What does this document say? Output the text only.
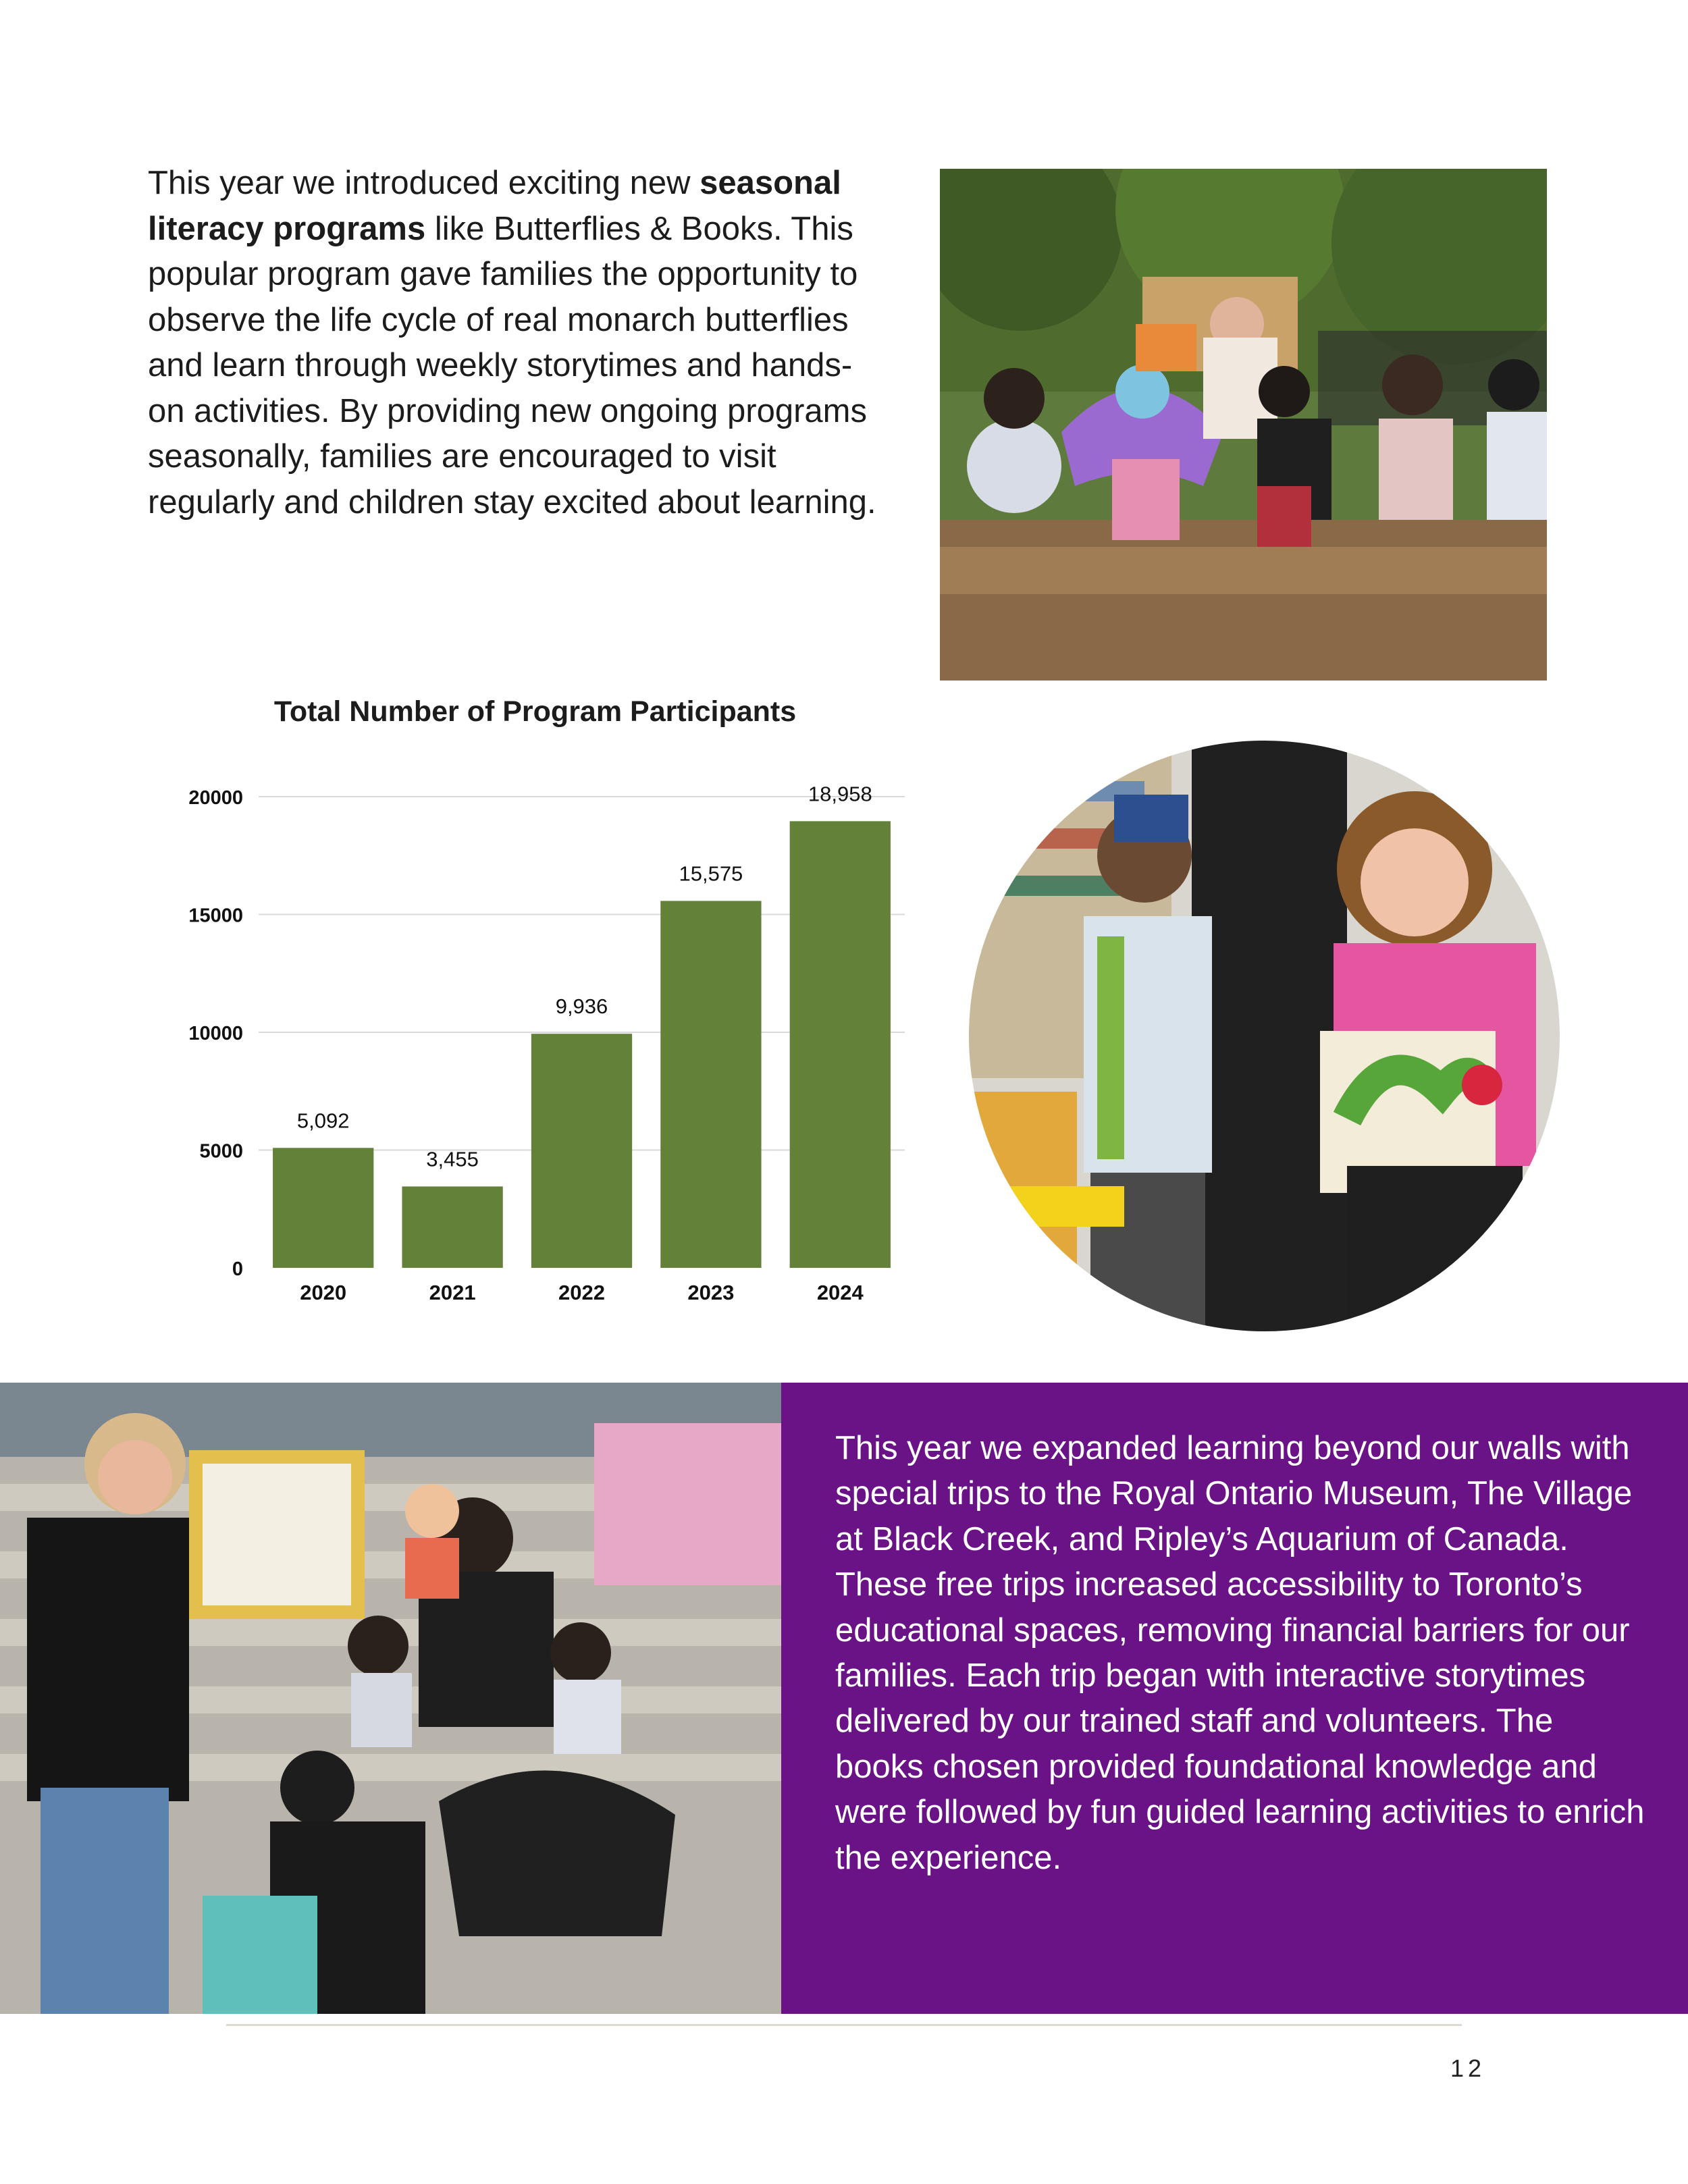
This year we introduced exciting new seasonal literacy programs like Butterflies & Books. This popular program gave families the opportunity to observe the life cycle of real monarch butterflies and learn through weekly storytimes and hands-on activities. By providing new ongoing programs seasonally, families are encouraged to visit regularly and children stay excited about learning.

Total Number of Program Participants
0
5000
10000
15000
20000
5,092
2020
3,455
2021
9,936
2022
15,575
2023
18,958
2024

This year we expanded learning beyond our walls with special trips to the Royal Ontario Museum, The Village at Black Creek, and Ripley’s Aquarium of Canada. These free trips increased accessibility to Toronto’s educational spaces, removing financial barriers for our families. Each trip began with interactive storytimes delivered by our trained staff and volunteers. The books chosen provided foundational knowledge and were followed by fun guided learning activities to enrich the experience.

12
